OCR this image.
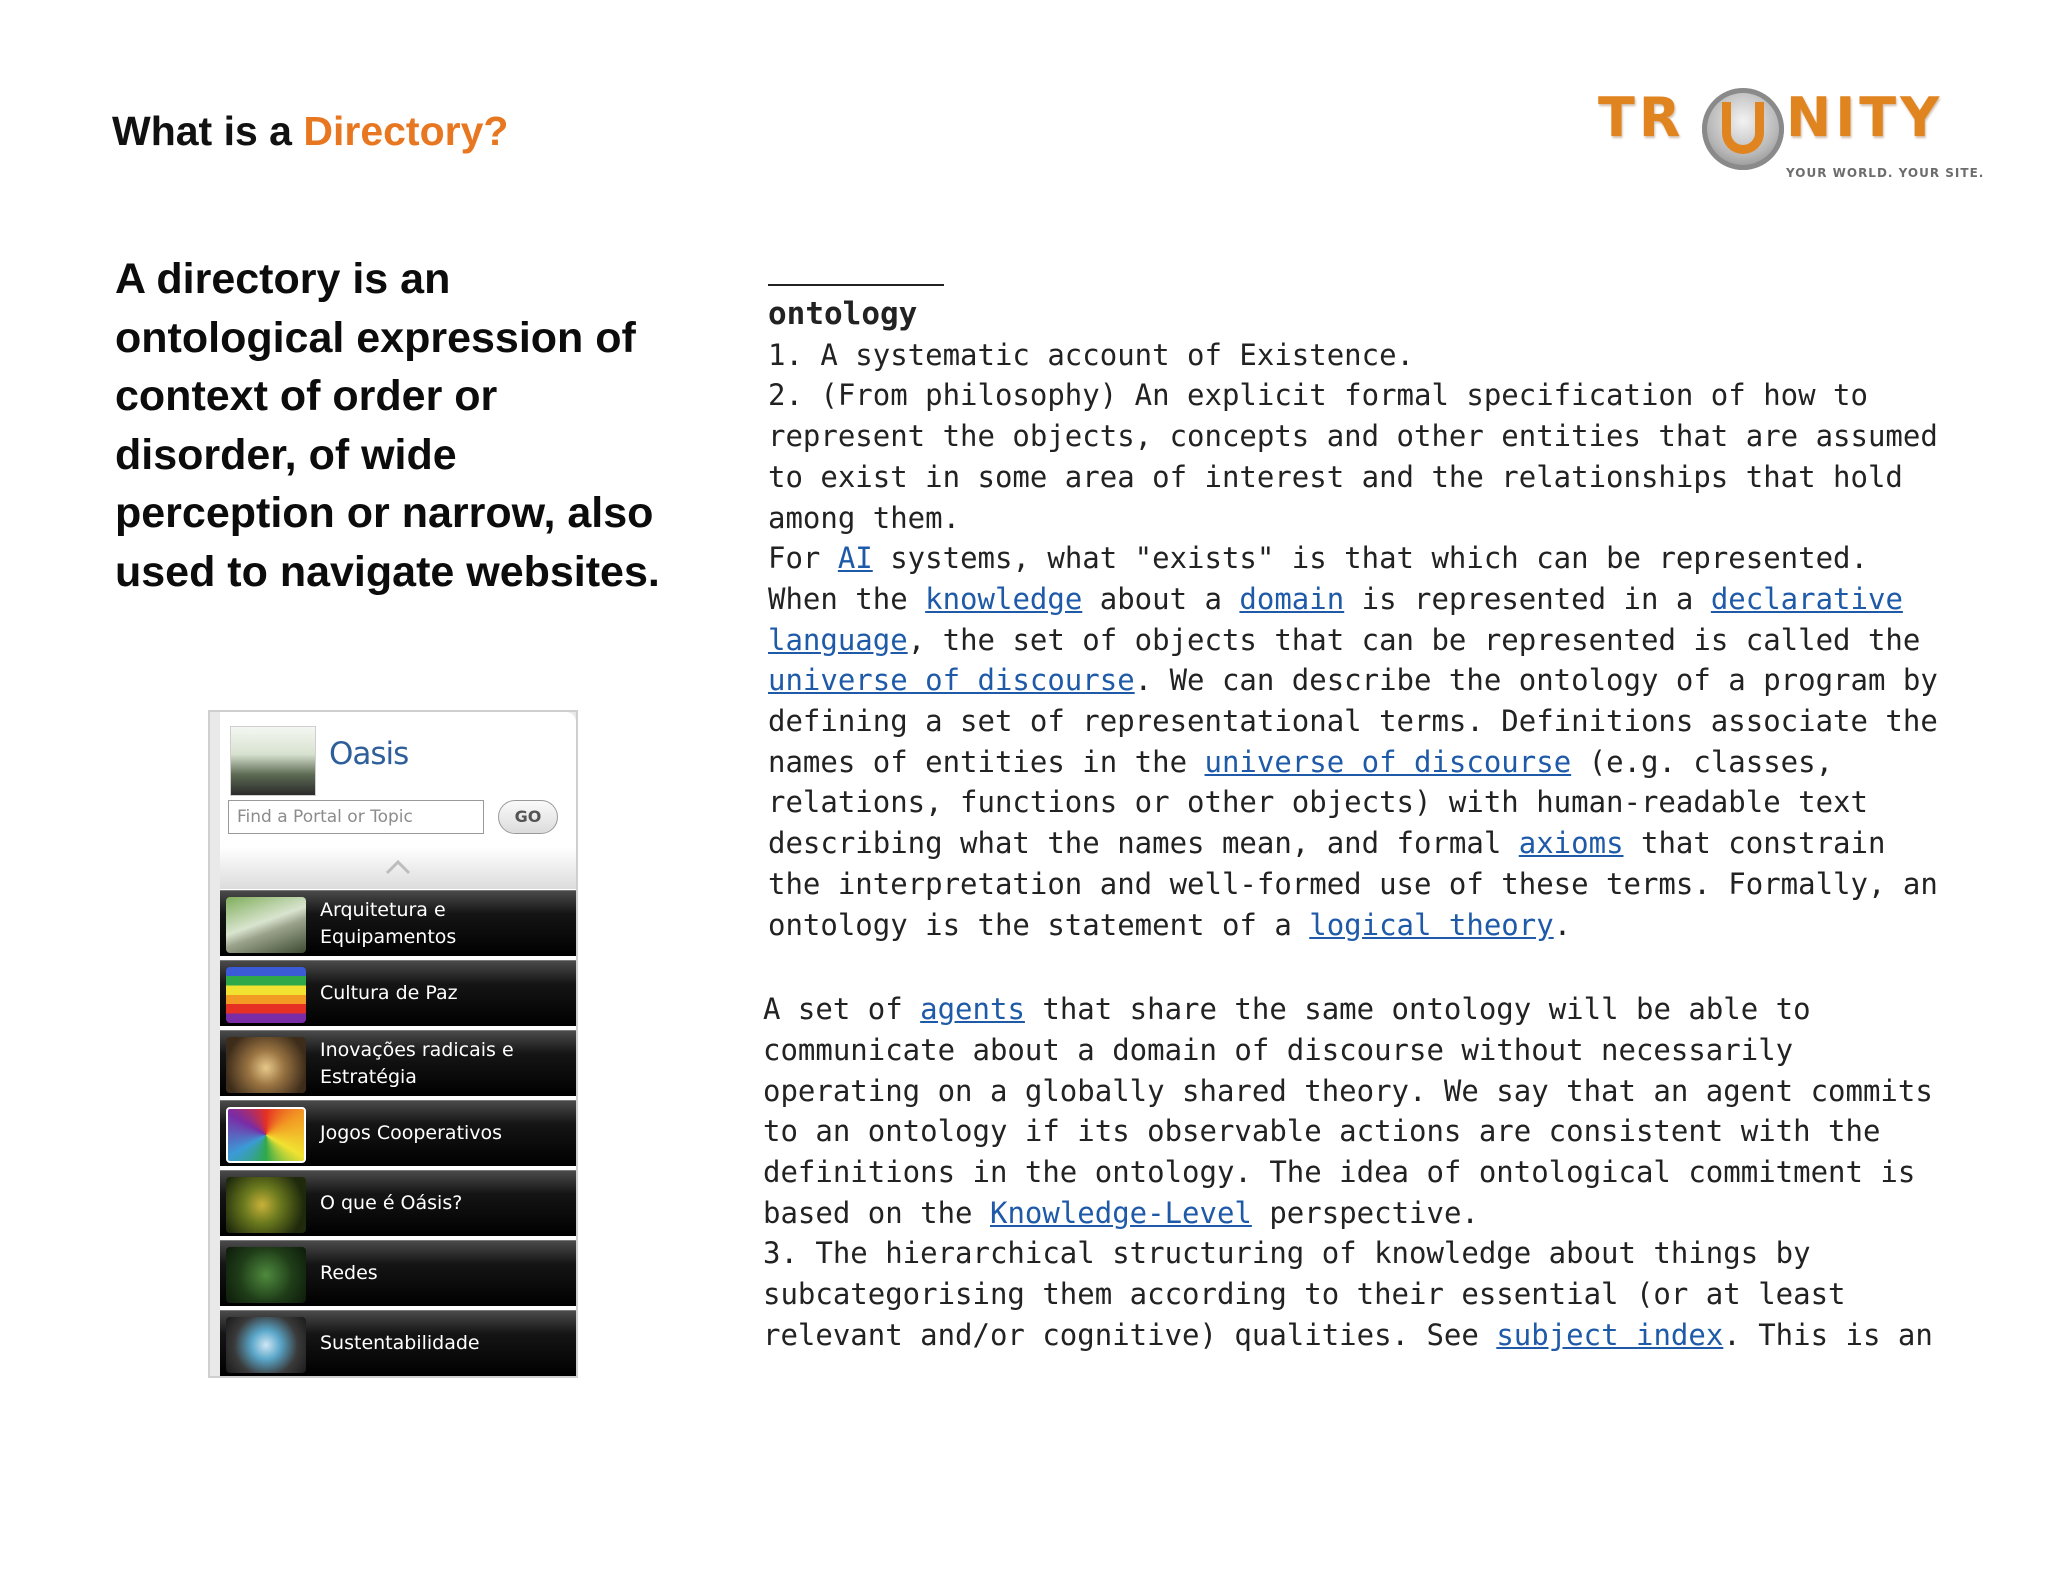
What is a Directory?	TR NITY
YOUR WORLD. YOUR SITE.

A directory is an ontological expression of context of order or disorder, of wide perception or narrow, also used to navigate websites.

Oasis
Find a Portal or Topic
GO
Arquitetura e Equipamentos
Cultura de Paz
Inovações radicais e Estratégia
Jogos Cooperativos
O que é Oásis?
Redes
Sustentabilidade
ontology

1. A systematic account of Existence.

2. (From philosophy) An explicit formal specification of how to represent the objects, concepts and other entities that are assumed to exist in some area of interest and the relationships that hold among them.

For AI systems, what "exists" is that which can be represented. When the knowledge about a domain is represented in a declarative language, the set of objects that can be represented is called the universe of discourse. We can describe the ontology of a program by defining a set of representational terms. Definitions associate the names of entities in the universe of discourse (e.g. classes, relations, functions or other objects) with human-readable text describing what the names mean, and formal axioms that constrain the interpretation and well-formed use of these terms. Formally, an ontology is the statement of a logical theory.

A set of agents that share the same ontology will be able to communicate about a domain of discourse without necessarily operating on a globally shared theory. We say that an agent commits to an ontology if its observable actions are consistent with the definitions in the ontology. The idea of ontological commitment is based on the Knowledge-Level perspective.

3. The hierarchical structuring of knowledge about things by subcategorising them according to their essential (or at least relevant and/or cognitive) qualities. See subject index. This is an
